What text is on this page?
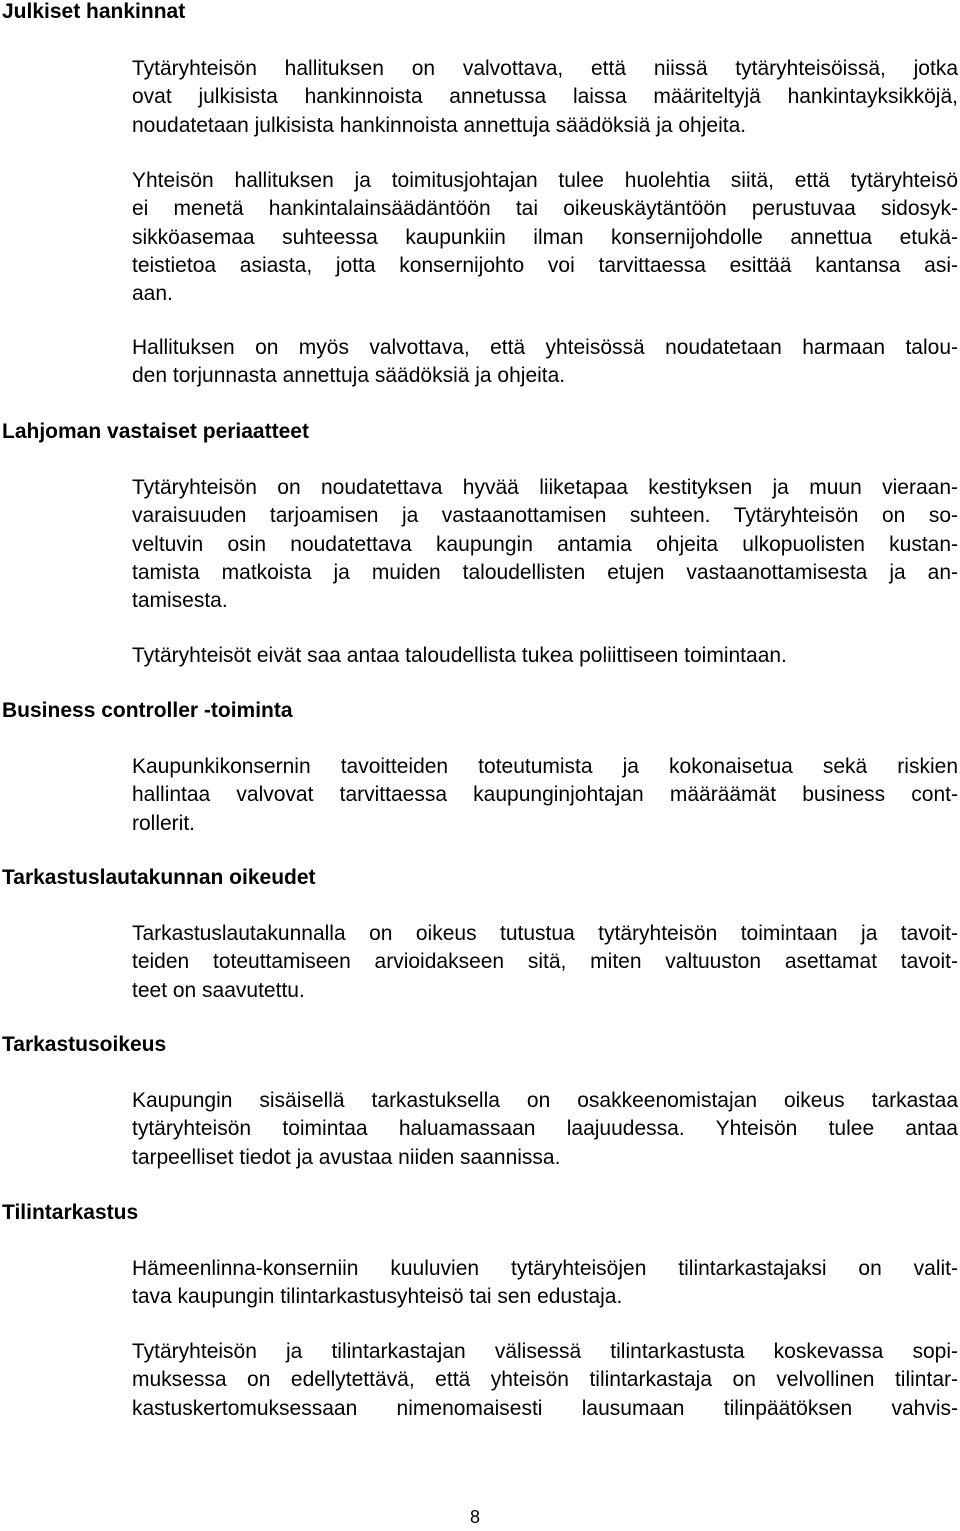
Julkiset hankinnat
Tytäryhteisön hallituksen on valvottava, että niissä tytäryhteisöissä, jotka
ovat julkisista hankinnoista annetussa laissa määriteltyjä hankintayksikköjä,
noudatetaan julkisista hankinnoista annettuja säädöksiä ja ohjeita.
Yhteisön hallituksen ja toimitusjohtajan tulee huolehtia siitä, että tytäryhteisö
ei menetä hankintalainsäädäntöön tai oikeuskäytäntöön perustuvaa sidosyk-
sikköasemaa suhteessa kaupunkiin ilman konsernijohdolle annettua etukä-
teistietoa asiasta, jotta konsernijohto voi tarvittaessa esittää kantansa asi-
aan.
Hallituksen on myös valvottava, että yhteisössä noudatetaan harmaan talou-
den torjunnasta annettuja säädöksiä ja ohjeita.
Lahjoman vastaiset periaatteet
Tytäryhteisön on noudatettava hyvää liiketapaa kestityksen ja muun vieraan-
varaisuuden tarjoamisen ja vastaanottamisen suhteen. Tytäryhteisön on so-
veltuvin osin noudatettava kaupungin antamia ohjeita ulkopuolisten kustan-
tamista matkoista ja muiden taloudellisten etujen vastaanottamisesta ja an-
tamisesta.
Tytäryhteisöt eivät saa antaa taloudellista tukea poliittiseen toimintaan.
Business controller -toiminta
Kaupunkikonsernin tavoitteiden toteutumista ja kokonaisetua sekä riskien
hallintaa valvovat tarvittaessa kaupunginjohtajan määräämät business cont-
rollerit.
Tarkastuslautakunnan oikeudet
Tarkastuslautakunnalla on oikeus tutustua tytäryhteisön toimintaan ja tavoit-
teiden toteuttamiseen arvioidakseen sitä, miten valtuuston asettamat tavoit-
teet on saavutettu.
Tarkastusoikeus
Kaupungin sisäisellä tarkastuksella on osakkeenomistajan oikeus tarkastaa
tytäryhteisön toimintaa haluamassaan laajuudessa. Yhteisön tulee antaa
tarpeelliset tiedot ja avustaa niiden saannissa.
Tilintarkastus
Hämeenlinna-konserniin kuuluvien tytäryhteisöjen tilintarkastajaksi on valit-
tava kaupungin tilintarkastusyhteisö tai sen edustaja.
Tytäryhteisön ja tilintarkastajan välisessä tilintarkastusta koskevassa sopi-
muksessa on edellytettävä, että yhteisön tilintarkastaja on velvollinen tilintar-
kastuskertomuksessaan nimenomaisesti lausumaan tilinpäätöksen vahvis-

8
